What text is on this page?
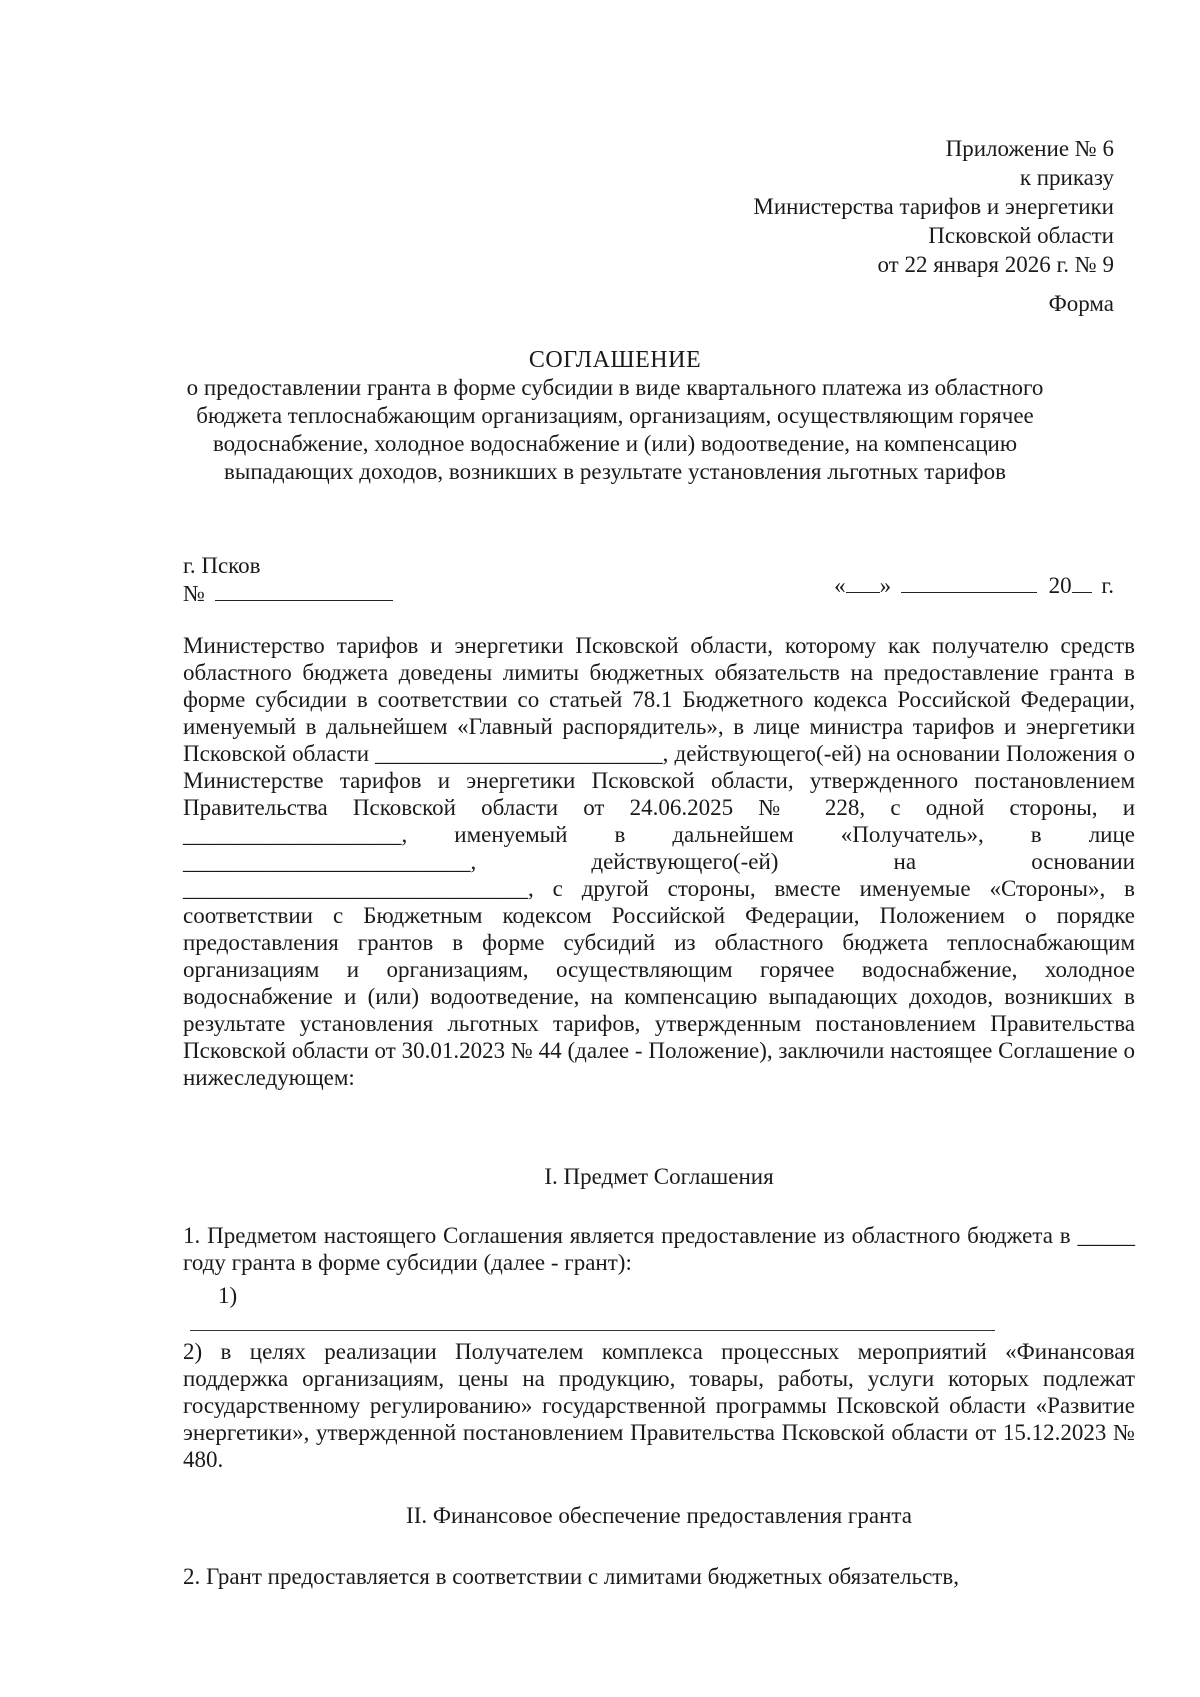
Приложение № 6
к приказу
Министерства тарифов и энергетики
Псковской области
от 22 января 2026 г. № 9
Форма
СОГЛАШЕНИЕ
о предоставлении гранта в форме субсидии в виде квартального платежа из областного бюджета теплоснабжающим организациям, организациям, осуществляющим горячее водоснабжение, холодное водоснабжение и (или) водоотведение, на компенсацию выпадающих доходов, возникших в результате установления льготных тарифов
г. Псков
№	« »	20 г.
Министерство тарифов и энергетики Псковской области, которому как получателю средств областного бюджета доведены лимиты бюджетных обязательств на предоставление гранта в форме субсидии в соответствии со статьей 78.1 Бюджетного кодекса Российской Федерации, именуемый в дальнейшем «Главный распорядитель», в лице министра тарифов и энергетики Псковской области _________________________, действующего(-ей) на основании Положения о Министерстве тарифов и энергетики Псковской области, утвержденного постановлением Правительства Псковской области от 24.06.2025 № 228, с одной стороны, и ___________________, именуемый в дальнейшем «Получатель», в лице _________________________, действующего(-ей) на основании ______________________________, с другой стороны, вместе именуемые «Стороны», в соответствии с Бюджетным кодексом Российской Федерации, Положением о порядке предоставления грантов в форме субсидий из областного бюджета теплоснабжающим организациям и организациям, осуществляющим горячее водоснабжение, холодное водоснабжение и (или) водоотведение, на компенсацию выпадающих доходов, возникших в результате установления льготных тарифов, утвержденным постановлением Правительства Псковской области от 30.01.2023 № 44 (далее - Положение), заключили настоящее Соглашение о нижеследующем:
I. Предмет Соглашения
1. Предметом настоящего Соглашения является предоставление из областного бюджета в _____ году гранта в форме субсидии (далее - грант):
1)
2) в целях реализации Получателем комплекса процессных мероприятий «Финансовая поддержка организациям, цены на продукцию, товары, работы, услуги которых подлежат государственному регулированию» государственной программы Псковской области «Развитие энергетики», утвержденной постановлением Правительства Псковской области от 15.12.2023 № 480.
II. Финансовое обеспечение предоставления гранта
2. Грант предоставляется в соответствии с лимитами бюджетных обязательств,
